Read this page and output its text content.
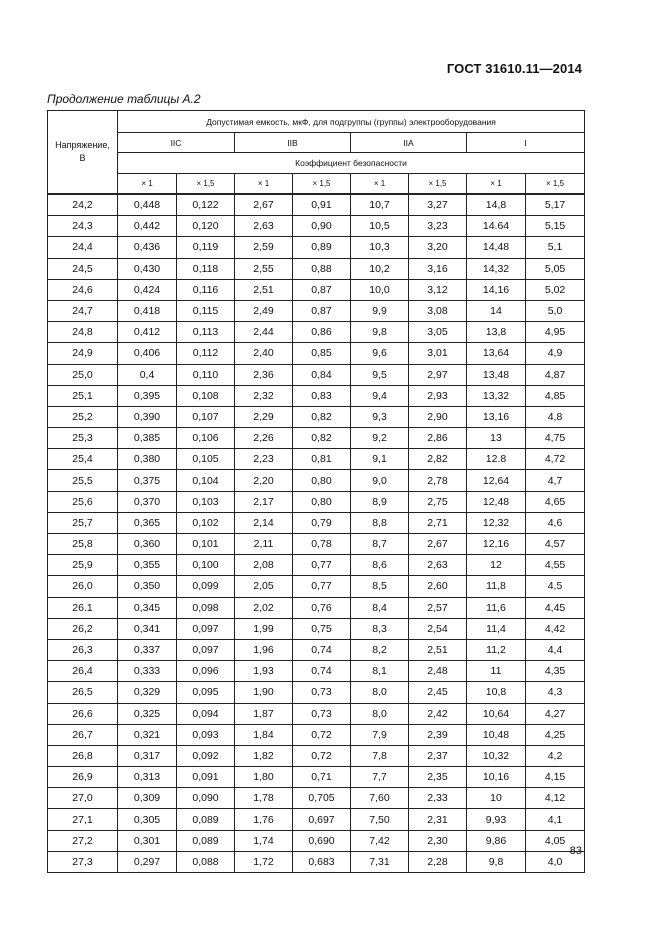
ГОСТ 31610.11—2014
Продолжение таблицы А.2
Напряжение,
В	Допустимая емкость, мкФ, для подгруппы (группы) электрооборудования							
	IIC		IIB		IIA		I	
	Коэффициент безопасности							
	× 1	× 1,5	× 1	× 1,5	× 1	× 1,5	× 1	× 1,5
24,2	0,448	0,122	2,67	0,91	10,7	3,27	14,8	5,17
24,3	0,442	0,120	2,63	0,90	10,5	3,23	14.64	5,15
24,4	0,436	0,119	2,59	0,89	10,3	3,20	14,48	5,1
24,5	0,430	0,118	2,55	0,88	10,2	3,16	14,32	5,05
24,6	0,424	0,116	2,51	0,87	10,0	3,12	14,16	5,02
24,7	0,418	0,115	2,49	0,87	9,9	3,08	14	5,0
24,8	0,412	0,113	2,44	0,86	9,8	3,05	13,8	4,95
24,9	0,406	0,112	2,40	0,85	9,6	3,01	13,64	4,9
25,0	0,4	0,110	2,36	0,84	9,5	2,97	13,48	4,87
25,1	0,395	0,108	2,32	0,83	9,4	2,93	13,32	4,85
25,2	0,390	0,107	2,29	0,82	9,3	2,90	13,16	4,8
25,3	0,385	0,106	2,26	0,82	9,2	2,86	13	4,75
25,4	0,380	0,105	2,23	0,81	9,1	2,82	12.8	4,72
25,5	0,375	0,104	2,20	0,80	9,0	2,78	12,64	4,7
25,6	0,370	0,103	2,17	0,80	8,9	2,75	12,48	4,65
25,7	0,365	0,102	2,14	0,79	8,8	2,71	12,32	4,6
25,8	0,360	0,101	2,11	0,78	8,7	2,67	12,16	4,57
25,9	0,355	0,100	2,08	0,77	8,6	2,63	12	4,55
26,0	0,350	0,099	2,05	0,77	8,5	2,60	11,8	4,5
26.1	0,345	0,098	2,02	0,76	8,4	2,57	11,6	4,45
26,2	0,341	0,097	1,99	0,75	8,3	2,54	11,4	4,42
26,3	0,337	0,097	1,96	0,74	8,2	2,51	11,2	4,4
26,4	0,333	0,096	1,93	0,74	8,1	2,48	11	4,35
26,5	0,329	0,095	1,90	0,73	8,0	2,45	10,8	4,3
26,6	0,325	0,094	1,87	0,73	8,0	2,42	10,64	4,27
26,7	0,321	0,093	1,84	0,72	7,9	2,39	10,48	4,25
26,8	0,317	0,092	1,82	0,72	7,8	2,37	10,32	4,2
26,9	0,313	0,091	1,80	0,71	7,7	2,35	10,16	4,15
27,0	0,309	0,090	1,78	0,705	7,60	2,33	10	4,12
27,1	0,305	0,089	1,76	0,697	7,50	2,31	9,93	4,1
27,2	0,301	0,089	1,74	0,690	7,42	2,30	9,86	4,05
27,3	0,297	0,088	1,72	0,683	7,31	2,28	9,8	4,0
83
